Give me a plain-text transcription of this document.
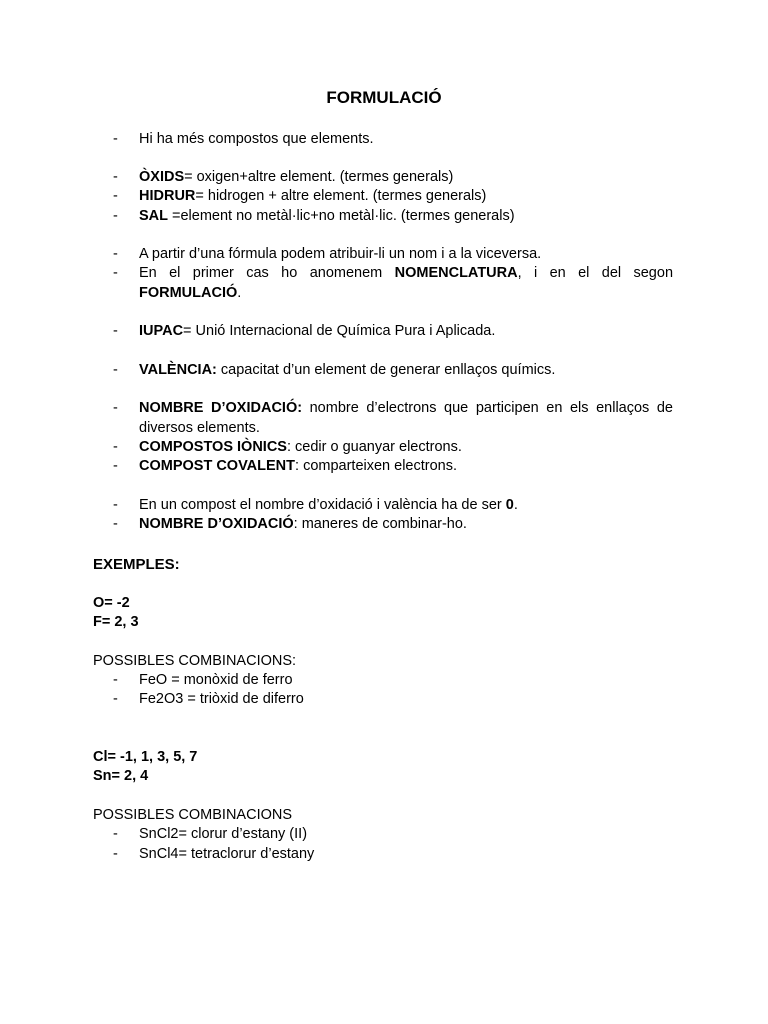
FORMULACIÓ
- Hi ha més compostos que elements.
- ÒXIDS= oxigen+altre element. (termes generals)
- HIDRUR= hidrogen + altre element. (termes generals)
- SAL =element no metàl·lic+no metàl·lic. (termes generals)
- A partir d’una fórmula podem atribuir-li un nom i a la viceversa.
- En el primer cas ho anomenem NOMENCLATURA, i en el del segon FORMULACIÓ.
- IUPAC= Unió Internacional de Química Pura i Aplicada.
- VALÈNCIA: capacitat d’un element de generar enllaços químics.
- NOMBRE D’OXIDACIÓ: nombre d’electrons que participen en els enllaços de diversos elements.
- COMPOSTOS IÒNICS: cedir o guanyar electrons.
- COMPOST COVALENT: comparteixen electrons.
- En un compost el nombre d’oxidació i valència ha de ser 0.
- NOMBRE D’OXIDACIÓ: maneres de combinar-ho.
EXEMPLES:
O= -2
F= 2, 3
POSSIBLES COMBINACIONS:
- FeO = monòxid de ferro
- Fe2O3 = triòxid de diferro
Cl= -1, 1, 3, 5, 7
Sn= 2, 4
POSSIBLES COMBINACIONS
- SnCl2= clorur d’estany (II)
- SnCl4= tetraclorur d’estany
